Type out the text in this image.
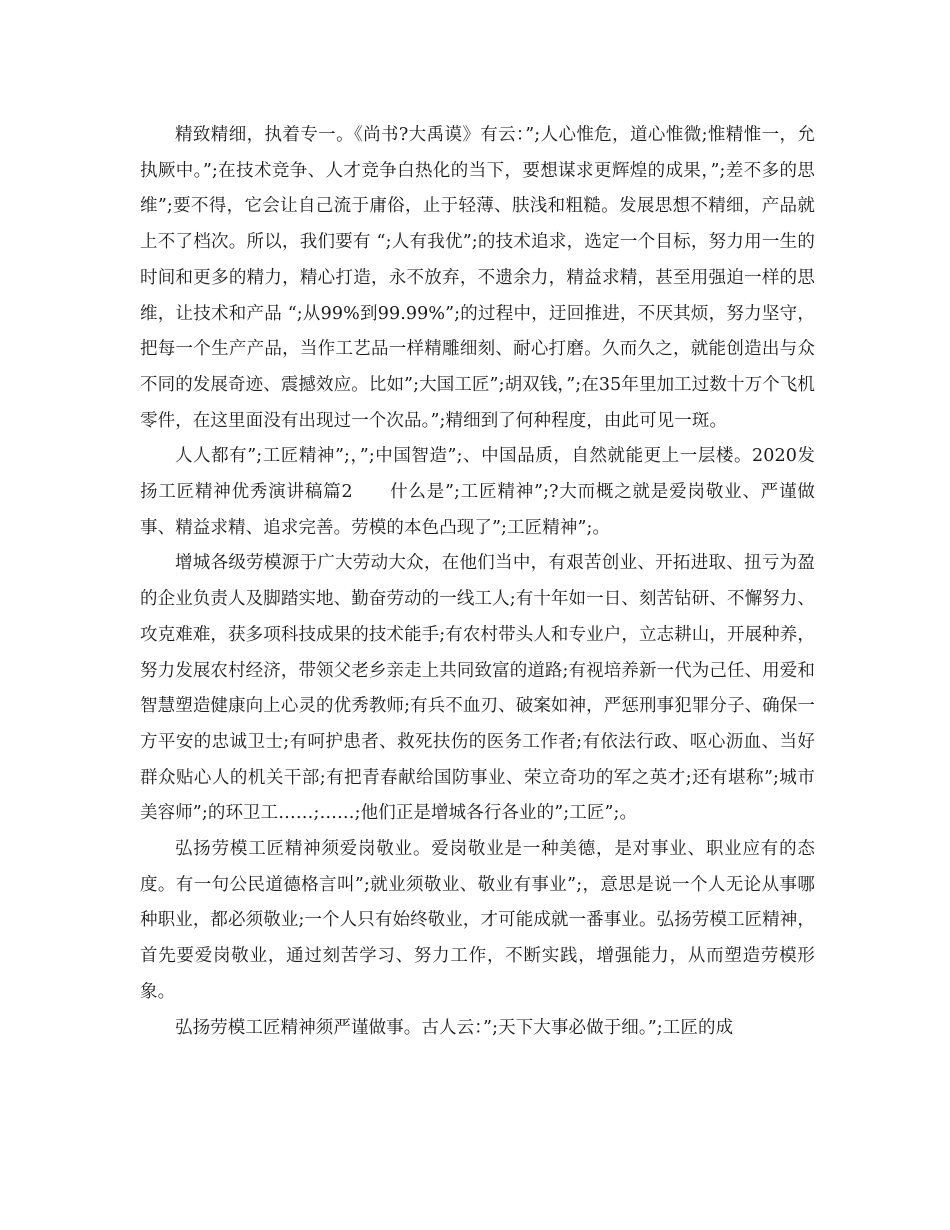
精致精细，执着专一。《尚书?大禹谟》有云：”;人心惟危，道心惟微;惟精惟一，允执厥中。”;在技术竞争、人才竞争白热化的当下，要想谋求更辉煌的成果，”;差不多的思维”;要不得，它会让自己流于庸俗，止于轻薄、肤浅和粗糙。发展思想不精细，产品就上不了档次。所以，我们要有 “;人有我优”;的技术追求，选定一个目标，努力用一生的时间和更多的精力，精心打造，永不放弃，不遗余力，精益求精，甚至用强迫一样的思维，让技术和产品 “;从99%到99.99%”;的过程中，迂回推进，不厌其烦，努力坚守，把每一个生产产品，当作工艺品一样精雕细刻、耐心打磨。久而久之，就能创造出与众不同的发展奇迹、震撼效应。比如”;大国工匠”;胡双钱，”;在35年里加工过数十万个飞机零件，在这里面没有出现过一个次品。”;精细到了何种程度，由此可见一斑。

人人都有”;工匠精神”;，”;中国智造”;、中国品质，自然就能更上一层楼。2020发扬工匠精神优秀演讲稿篇2　　什么是”;工匠精神”;?大而概之就是爱岗敬业、严谨做事、精益求精、追求完善。劳模的本色凸现了”;工匠精神”;。

增城各级劳模源于广大劳动大众，在他们当中，有艰苦创业、开拓进取、扭亏为盈的企业负责人及脚踏实地、勤奋劳动的一线工人;有十年如一日、刻苦钻研、不懈努力、攻克难难，获多项科技成果的技术能手;有农村带头人和专业户，立志耕山，开展种养，努力发展农村经济，带领父老乡亲走上共同致富的道路;有视培养新一代为己任、用爱和智慧塑造健康向上心灵的优秀教师;有兵不血刃、破案如神，严惩刑事犯罪分子、确保一方平安的忠诚卫士;有呵护患者、救死扶伤的医务工作者;有依法行政、呕心沥血、当好群众贴心人的机关干部;有把青春献给国防事业、荣立奇功的军之英才;还有堪称”;城市美容师”;的环卫工……;……;他们正是增城各行各业的”;工匠”;。

弘扬劳模工匠精神须爱岗敬业。爱岗敬业是一种美德，是对事业、职业应有的态度。有一句公民道德格言叫”;就业须敬业、敬业有事业”;，意思是说一个人无论从事哪种职业，都必须敬业;一个人只有始终敬业，才可能成就一番事业。弘扬劳模工匠精神，首先要爱岗敬业，通过刻苦学习、努力工作，不断实践，增强能力，从而塑造劳模形象。

弘扬劳模工匠精神须严谨做事。古人云：”;天下大事必做于细。”;工匠的成
